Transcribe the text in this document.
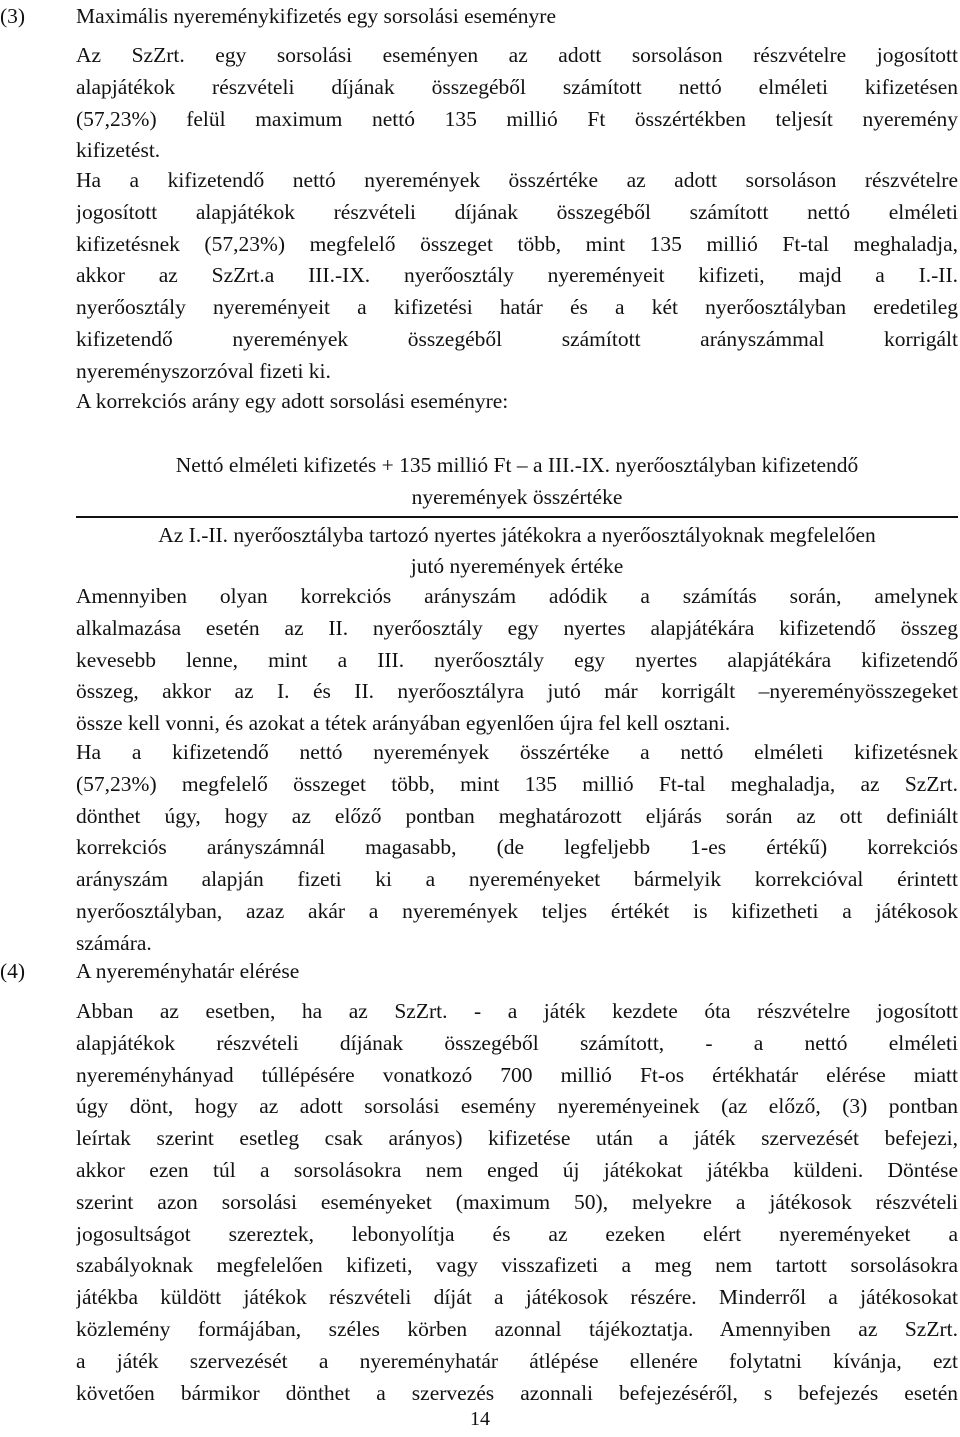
(3) Maximális nyereménykifizetés egy sorsolási eseményre
Az SzZrt. egy sorsolási eseményen az adott sorsoláson részvételre jogosított
alapjátékok részvételi díjának összegéből számított nettó elméleti kifizetésen
(57,23%) felül maximum nettó 135 millió Ft összértékben teljesít nyeremény
kifizetést.
Ha a kifizetendő nettó nyeremények összértéke az adott sorsoláson részvételre
jogosított alapjátékok részvételi díjának összegéből számított nettó elméleti
kifizetésnek (57,23%) megfelelő összeget több, mint 135 millió Ft-tal meghaladja,
akkor az SzZrt.a III.-IX. nyerőosztály nyereményeit kifizeti, majd a I.-II.
nyerőosztály nyereményeit a kifizetési határ és a két nyerőosztályban eredetileg
kifizetendő nyeremények összegéből számított arányszámmal korrigált
nyereményszorzóval fizeti ki.
A korrekciós arány egy adott sorsolási eseményre:
Nettó elméleti kifizetés + 135 millió Ft – a III.-IX. nyerőosztályban kifizetendő
nyeremények összértéke
Az I.-II. nyerőosztályba tartozó nyertes játékokra a nyerőosztályoknak megfelelően
jutó nyeremények értéke
Amennyiben olyan korrekciós arányszám adódik a számítás során, amelynek
alkalmazása esetén az II. nyerőosztály egy nyertes alapjátékára kifizetendő összeg
kevesebb lenne, mint a III. nyerőosztály egy nyertes alapjátékára kifizetendő
összeg, akkor az I. és II. nyerőosztályra jutó már korrigált –nyereményösszegeket
össze kell vonni, és azokat a tétek arányában egyenlően újra fel kell osztani.
Ha a kifizetendő nettó nyeremények összértéke a nettó elméleti kifizetésnek
(57,23%) megfelelő összeget több, mint 135 millió Ft-tal meghaladja, az SzZrt.
dönthet úgy, hogy az előző pontban meghatározott eljárás során az ott definiált
korrekciós arányszámnál magasabb, (de legfeljebb 1-es értékű) korrekciós
arányszám alapján fizeti ki a nyereményeket bármelyik korrekcióval érintett
nyerőosztályban, azaz akár a nyeremények teljes értékét is kifizetheti a játékosok
számára.
(4) A nyereményhatár elérése
Abban az esetben, ha az SzZrt. - a játék kezdete óta részvételre jogosított
alapjátékok részvételi díjának összegéből számított, - a nettó elméleti
nyereményhányad túllépésére vonatkozó 700 millió Ft-os értékhatár elérése miatt
úgy dönt, hogy az adott sorsolási esemény nyereményeinek (az előző, (3) pontban
leírtak szerint esetleg csak arányos) kifizetése után a játék szervezését befejezi,
akkor ezen túl a sorsolásokra nem enged új játékokat játékba küldeni. Döntése
szerint azon sorsolási eseményeket (maximum 50), melyekre a játékosok részvételi
jogosultságot szereztek, lebonyolítja és az ezeken elért nyereményeket a
szabályoknak megfelelően kifizeti, vagy visszafizeti a meg nem tartott sorsolásokra
játékba küldött játékok részvételi díját a játékosok részére. Minderről a játékosokat
közlemény formájában, széles körben azonnal tájékoztatja. Amennyiben az SzZrt.
a játék szervezését a nyereményhatár átlépése ellenére folytatni kívánja, ezt
követően bármikor dönthet a szervezés azonnali befejezéséről, s befejezés esetén
14
